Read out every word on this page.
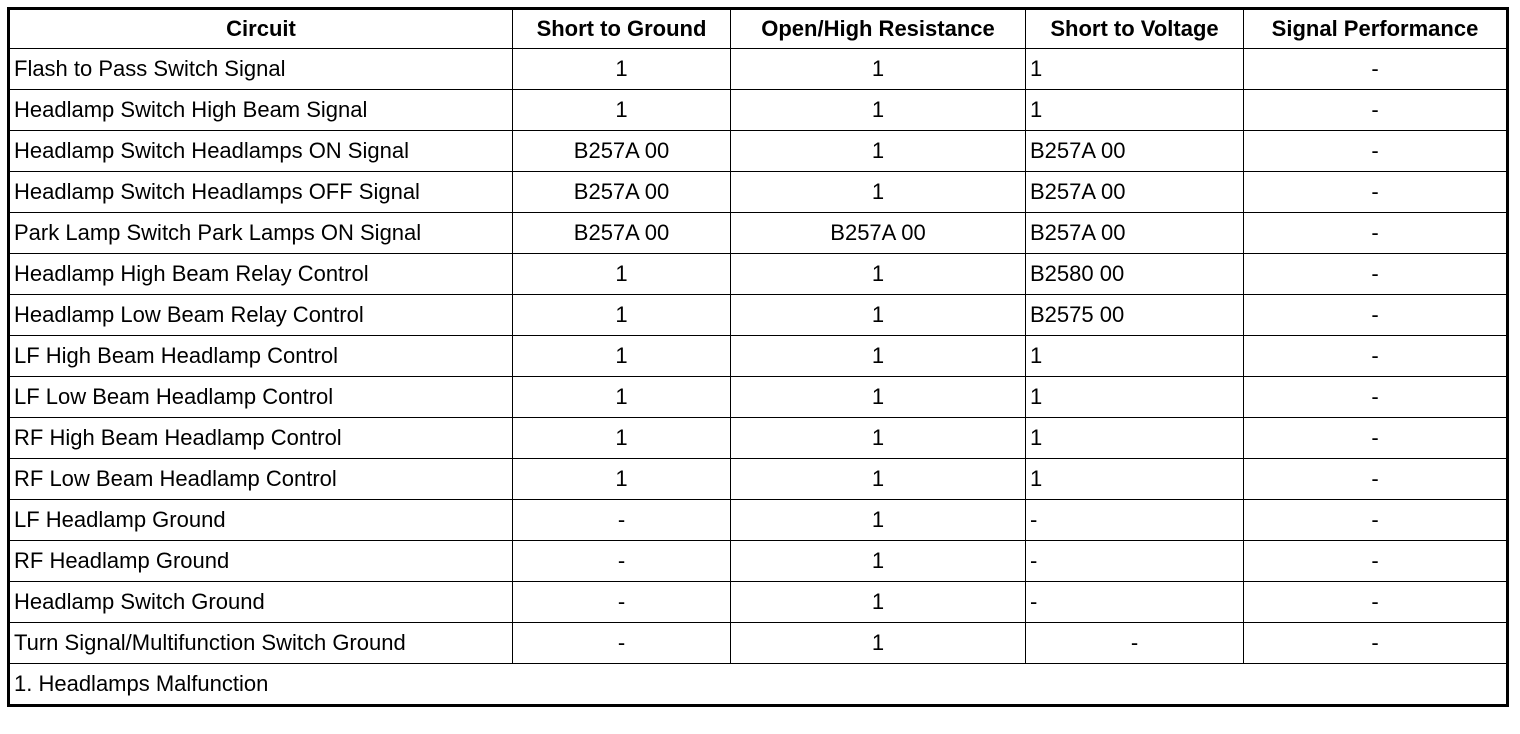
Circuit	Short to Ground	Open/High Resistance	Short to Voltage	Signal Performance
Flash to Pass Switch Signal	1	1	1	-
Headlamp Switch High Beam Signal	1	1	1	-
Headlamp Switch Headlamps ON Signal	B257A 00	1	B257A 00	-
Headlamp Switch Headlamps OFF Signal	B257A 00	1	B257A 00	-
Park Lamp Switch Park Lamps ON Signal	B257A 00	B257A 00	B257A 00	-
Headlamp High Beam Relay Control	1	1	B2580 00	-
Headlamp Low Beam Relay Control	1	1	B2575 00	-
LF High Beam Headlamp Control	1	1	1	-
LF Low Beam Headlamp Control	1	1	1	-
RF High Beam Headlamp Control	1	1	1	-
RF Low Beam Headlamp Control	1	1	1	-
LF Headlamp Ground	-	1	-	-
RF Headlamp Ground	-	1	-	-
Headlamp Switch Ground	-	1	-	-
Turn Signal/Multifunction Switch Ground	-	1	-	-
1. Headlamps Malfunction				
